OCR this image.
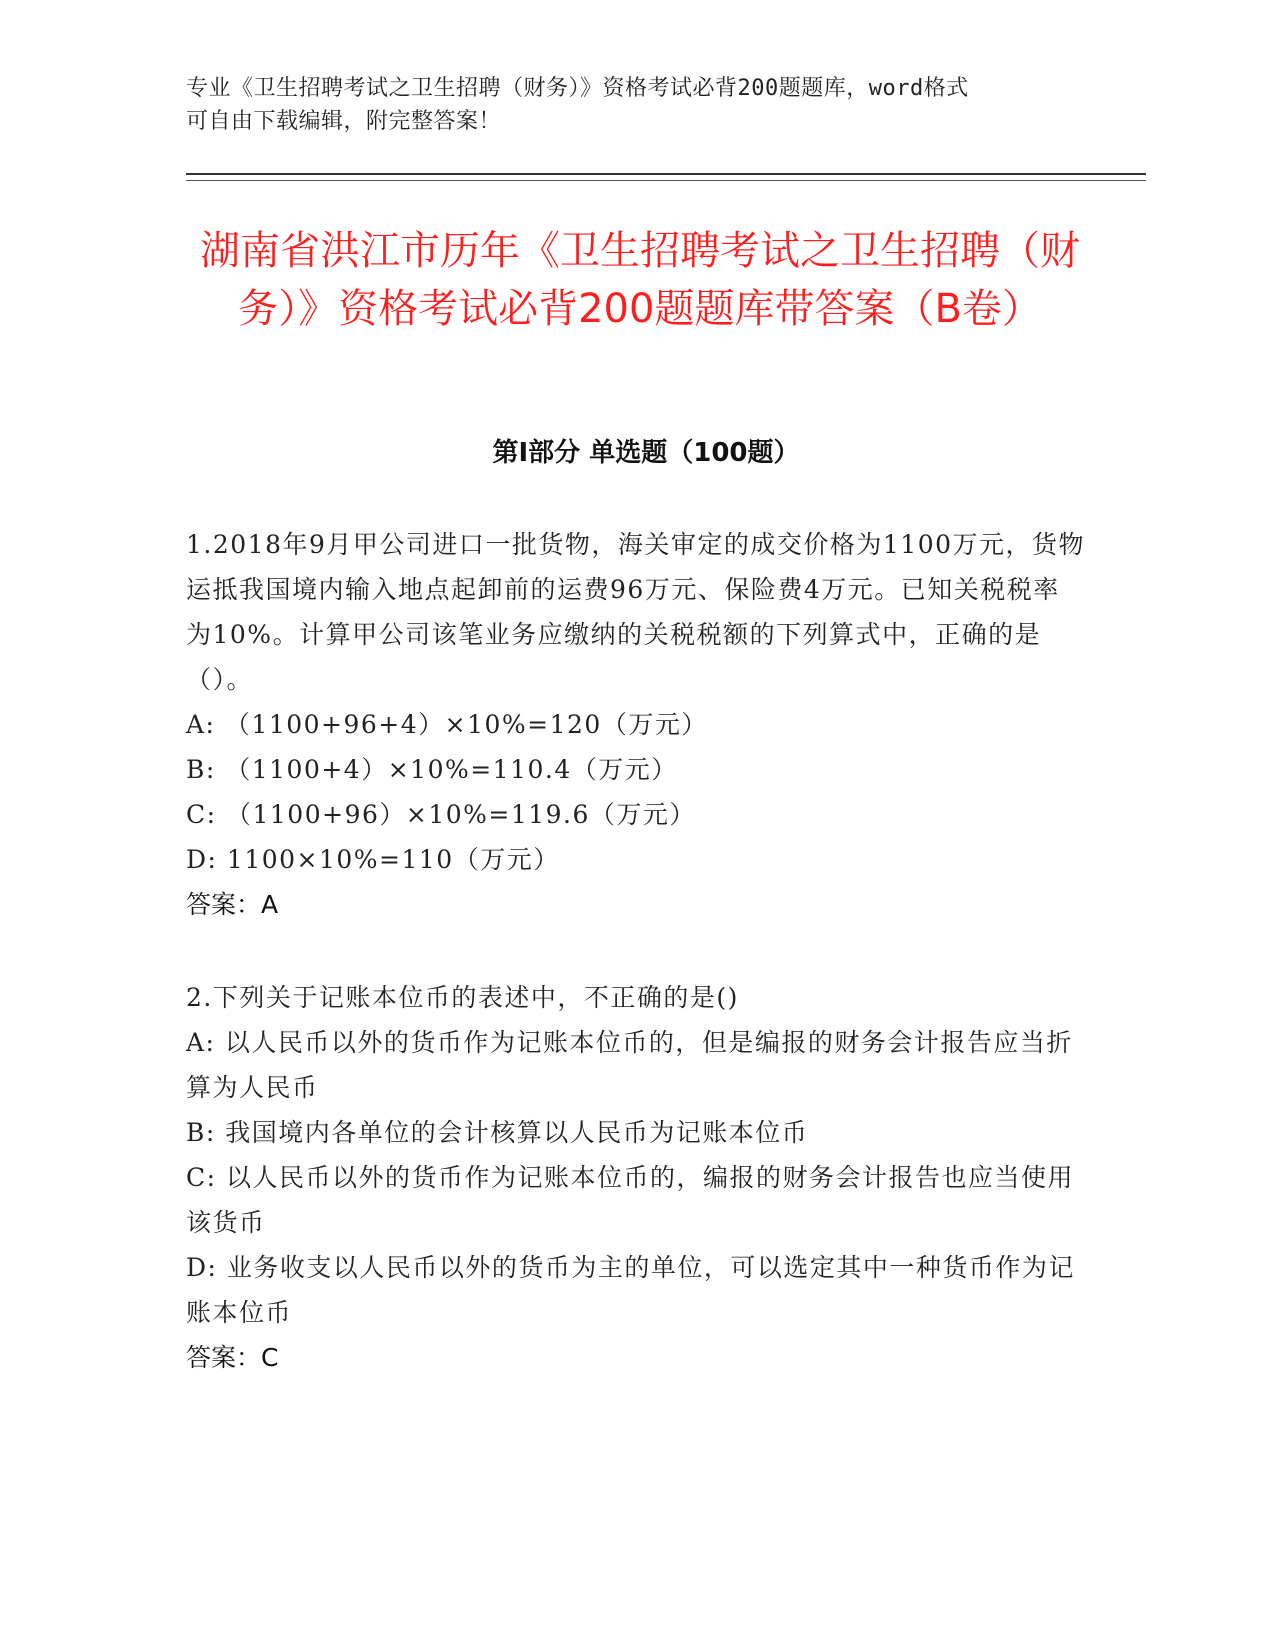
专业《卫生招聘考试之卫生招聘（财务）》资格考试必背200题题库，word格式
可自由下载编辑，附完整答案！
湖南省洪江市历年《卫生招聘考试之卫生招聘（财务）》资格考试必背200题题库带答案（B卷）
第Ⅰ部分 单选题（100题）
1.2018年9月甲公司进口一批货物，海关审定的成交价格为1100万元，货物运抵我国境内输入地点起卸前的运费96万元、保险费4万元。已知关税税率为10%。计算甲公司该笔业务应缴纳的关税税额的下列算式中，正确的是（）。
A: （1100+96+4）×10%=120（万元）
B: （1100+4）×10%=110.4（万元）
C: （1100+96）×10%=119.6（万元）
D: 1100×10%=110（万元）
答案：A
2.下列关于记账本位币的表述中，不正确的是()
A: 以人民币以外的货币作为记账本位币的，但是编报的财务会计报告应当折算为人民币
B: 我国境内各单位的会计核算以人民币为记账本位币
C: 以人民币以外的货币作为记账本位币的，编报的财务会计报告也应当使用该货币
D: 业务收支以人民币以外的货币为主的单位，可以选定其中一种货币作为记账本位币
答案：C
